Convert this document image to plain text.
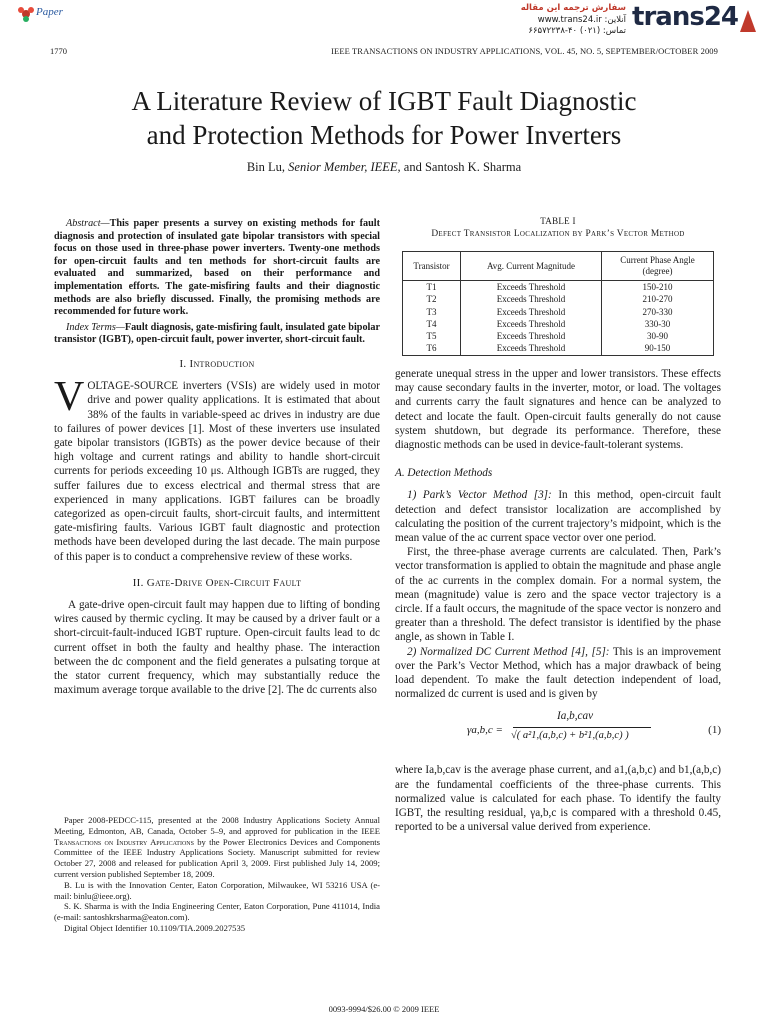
Paper	سفارش ترجمه این مقاله
آنلاین: www.trans24.ir
تماس: (۰۲۱) ۴۰-۶۶۵۷۲۲۳۸ trans24
1770	IEEE TRANSACTIONS ON INDUSTRY APPLICATIONS, VOL. 45, NO. 5, SEPTEMBER/OCTOBER 2009
A Literature Review of IGBT Fault Diagnostic
and Protection Methods for Power Inverters
Bin Lu, Senior Member, IEEE, and Santosh K. Sharma

Abstract—This paper presents a survey on existing methods for fault diagnosis and protection of insulated gate bipolar transistors with special focus on those used in three-phase power inverters. Twenty-one methods for open-circuit faults and ten methods for short-circuit faults are evaluated and summarized, based on their performance and implementation efforts. The gate-misfiring faults and their diagnostic methods are also briefly discussed. Finally, the promising methods are recommended for future work.

Index Terms—Fault diagnosis, gate-misfiring fault, insulated gate bipolar transistor (IGBT), open-circuit fault, power inverter, short-circuit fault.

I. Introduction

VOLTAGE-SOURCE inverters (VSIs) are widely used in motor drive and power quality applications. It is estimated that about 38% of the faults in variable-speed ac drives in industry are due to failures of power devices [1]. Most of these inverters use insulated gate bipolar transistors (IGBTs) as the power device because of their high voltage and current ratings and ability to handle short-circuit currents for periods exceeding 10 μs. Although IGBTs are rugged, they suffer failures due to excess electrical and thermal stress that are experienced in many applications. IGBT failures can be broadly categorized as open-circuit faults, short-circuit faults, and intermittent gate-misfiring faults. Various IGBT fault diagnostic and protection methods have been developed during the last decade. The main purpose of this paper is to conduct a comprehensive review of these works.

II. Gate-Drive Open-Circuit Fault

A gate-drive open-circuit fault may happen due to lifting of bonding wires caused by thermic cycling. It may be caused by a driver fault or a short-circuit-fault-induced IGBT rupture. Open-circuit faults lead to dc current offset in both the faulty and healthy phase. The interaction between the dc component and the field generates a pulsating torque at the stator current frequency, which may substantially reduce the maximum average torque available to the drive [2]. The dc currents also

Paper 2008-PEDCC-115, presented at the 2008 Industry Applications Society Annual Meeting, Edmonton, AB, Canada, October 5–9, and approved for publication in the IEEE Transactions on Industry Applications by the Power Electronics Devices and Components Committee of the IEEE Industry Applications Society. Manuscript submitted for review October 27, 2008 and released for publication April 3, 2009. First published July 14, 2009; current version published September 18, 2009.

B. Lu is with the Innovation Center, Eaton Corporation, Milwaukee, WI 53216 USA (e-mail: binlu@ieee.org).

S. K. Sharma is with the India Engineering Center, Eaton Corporation, Pune 411014, India (e-mail: santoshkrsharma@eaton.com).

Digital Object Identifier 10.1109/TIA.2009.2027535

TABLE I
Defect Transistor Localization by Park’s Vector Method
Transistor	Avg. Current Magnitude	Current Phase Angle (degree)
T1	Exceeds Threshold	150-210
T2	Exceeds Threshold	210-270
T3	Exceeds Threshold	270-330
T4	Exceeds Threshold	330-30
T5	Exceeds Threshold	30-90
T6	Exceeds Threshold	90-150

generate unequal stress in the upper and lower transistors. These effects may cause secondary faults in the inverter, motor, or load. The voltages and currents carry the fault signatures and hence can be analyzed to detect and locate the fault. Open-circuit faults generally do not cause system shutdown, but degrade its performance. Therefore, these diagnostic methods can be used in device-fault-tolerant systems.

A. Detection Methods

1) Park’s Vector Method [3]: In this method, open-circuit fault detection and defect transistor localization are accomplished by calculating the position of the current trajectory’s midpoint, which is the mean value of the ac current space vector over one period.

First, the three-phase average currents are calculated. Then, Park’s vector transformation is applied to obtain the magnitude and phase angle of the ac currents in the complex domain. For a normal system, the mean (magnitude) value is zero and the space vector trajectory is a circle. If a fault occurs, the magnitude of the space vector is nonzero and greater than a threshold. The defect transistor is identified by the phase angle, as shown in Table I.

2) Normalized DC Current Method [4], [5]: This is an improvement over the Park’s Vector Method, which has a major drawback of being load dependent. To make the fault detection independent of load, normalized dc current is used and is given by

γa,b,c =
Ia,b,cav
√( a²1,(a,b,c) + b²1,(a,b,c) )	(1)

where Ia,b,cav is the average phase current, and a1,(a,b,c) and b1,(a,b,c) are the fundamental coefficients of the three-phase currents. This normalized value is calculated for each phase. To identify the faulty IGBT, the resulting residual, γa,b,c is compared with a threshold 0.45, reported to be a universal value derived from experience.

0093-9994/$26.00 © 2009 IEEE
